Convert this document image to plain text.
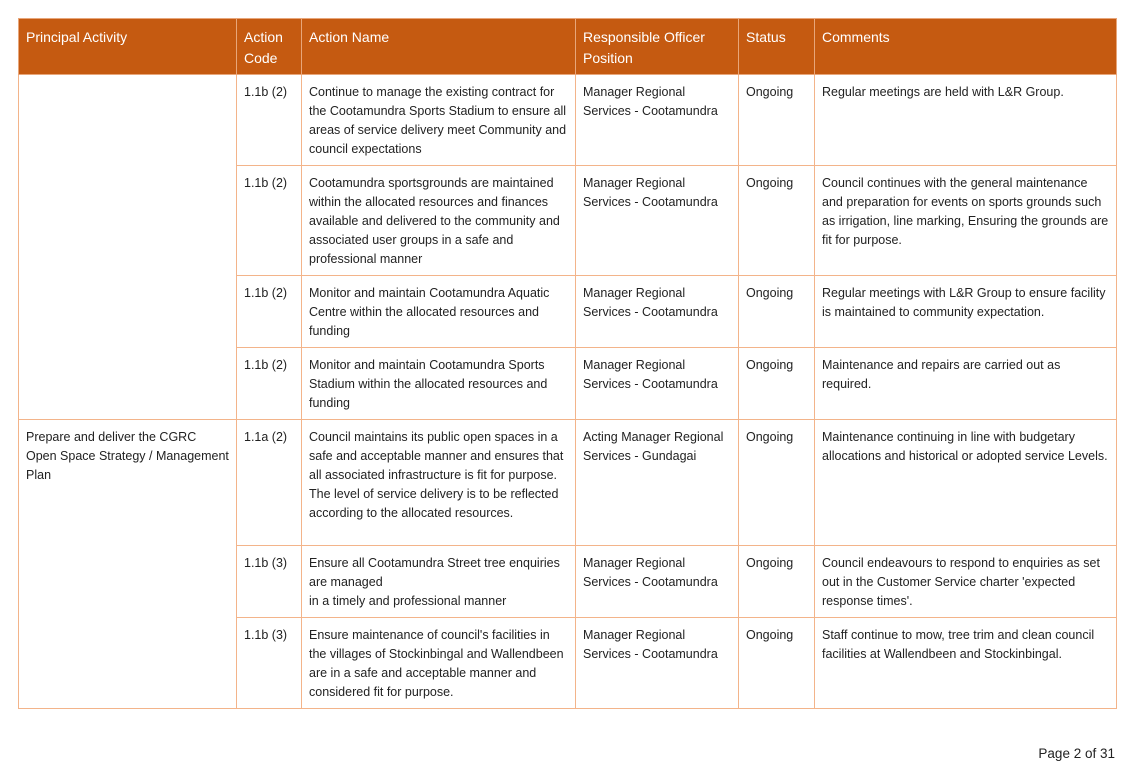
Principal Activity	Action Code	Action Name	Responsible Officer Position	Status	Comments
	1.1b (2)	Continue to manage the existing contract for the Cootamundra Sports Stadium to ensure all areas of service delivery meet Community and council expectations	Manager Regional Services - Cootamundra	Ongoing	Regular meetings are held with L&R Group.
	1.1b (2)	Cootamundra sportsgrounds are maintained within the allocated resources and finances available and delivered to the community and associated user groups in a safe and professional manner	Manager Regional Services - Cootamundra	Ongoing	Council continues with the general maintenance and preparation for events on sports grounds such as irrigation, line marking, Ensuring the grounds are fit for purpose.
	1.1b (2)	Monitor and maintain Cootamundra Aquatic Centre within the allocated resources and funding	Manager Regional Services - Cootamundra	Ongoing	Regular meetings with L&R Group to ensure facility is maintained to community expectation.
	1.1b (2)	Monitor and maintain Cootamundra Sports Stadium within the allocated resources and funding	Manager Regional Services - Cootamundra	Ongoing	Maintenance and repairs are carried out as required.
Prepare and deliver the CGRC Open Space Strategy / Management Plan	1.1a (2)	Council maintains its public open spaces in a safe and acceptable manner and ensures that all associated infrastructure is fit for purpose. The level of service delivery is to be reflected according to the allocated resources.	Acting Manager Regional Services - Gundagai	Ongoing	Maintenance continuing in line with budgetary allocations and historical or adopted service Levels.
	1.1b (3)	Ensure all Cootamundra Street tree enquiries are managed
in a timely and professional manner	Manager Regional Services - Cootamundra	Ongoing	Council endeavours to respond to enquiries as set out in the Customer Service charter 'expected response times'.
	1.1b (3)	Ensure maintenance of council's facilities in the villages of Stockinbingal and Wallendbeen are in a safe and acceptable manner and considered fit for purpose.	Manager Regional Services - Cootamundra	Ongoing	Staff continue to mow, tree trim and clean council facilities at Wallendbeen and Stockinbingal.
Page 2 of 31
